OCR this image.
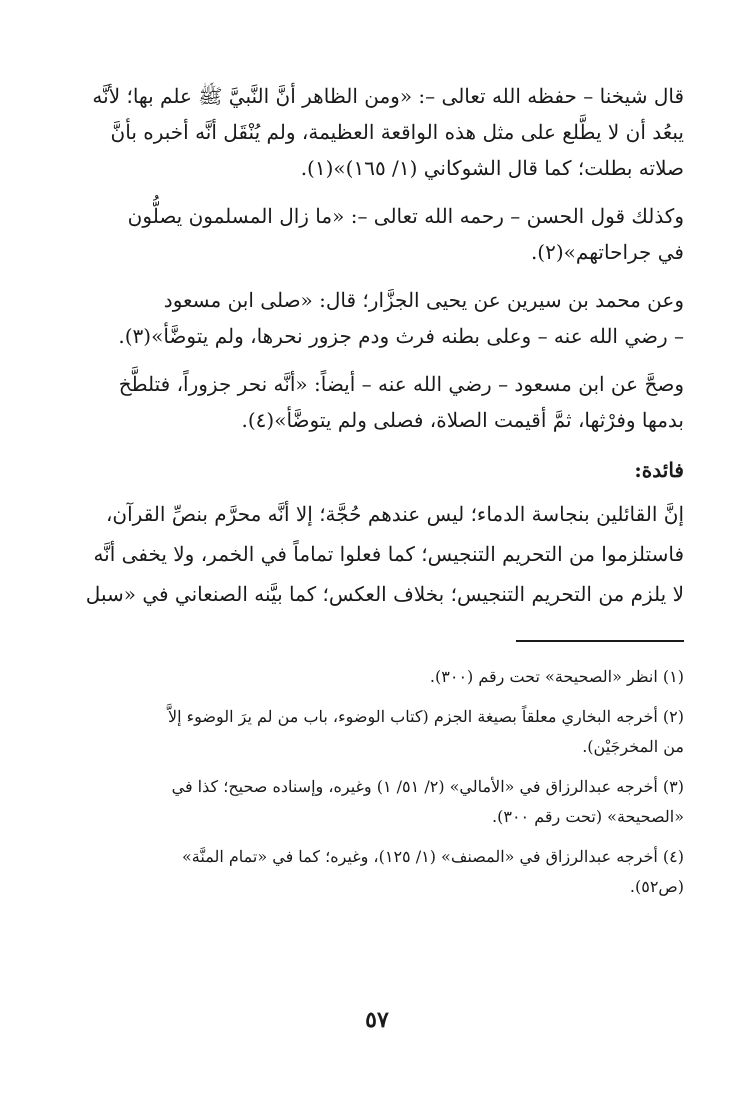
قال شيخنا – حفظه الله تعالى –: «ومن الظاهر أنَّ النَّبيَّ ﷺ علم بها؛ لأنَّه

يبعُد أن لا يطَّلع على مثل هذه الواقعة العظيمة، ولم يُنْقَل أنَّه أخبره بأنَّ

صلاته بطلت؛ كما قال الشوكاني (١/ ١٦٥)»(١).

وكذلك قول الحسن – رحمه الله تعالى –: «ما زال المسلمون يصلُّون

في جراحاتهم»(٢).

وعن محمد بن سيرين عن يحيى الجزَّار؛ قال: «صلى ابن مسعود

– رضي الله عنه – وعلى بطنه فرث ودم جزور نحرها، ولم يتوضَّأ»(٣).

وصحَّ عن ابن مسعود – رضي الله عنه – أيضاً: «أنَّه نحر جزوراً، فتلطَّخ

بدمها وفرْثها، ثمَّ أقيمت الصلاة، فصلى ولم يتوضَّأ»(٤).

فائدة:

إنَّ القائلين بنجاسة الدماء؛ ليس عندهم حُجَّة؛ إلا أنَّه محرَّم بنصِّ القرآن،

فاستلزموا من التحريم التنجيس؛ كما فعلوا تماماً في الخمر، ولا يخفى أنَّه

لا يلزم من التحريم التنجيس؛ بخلاف العكس؛ كما بيَّنه الصنعاني في «سبل

(١) انظر «الصحيحة» تحت رقم (٣٠٠).

(٢) أخرجه البخاري معلقاً بصيغة الجزم (كتاب الوضوء، باب من لم يرَ الوضوء إلاَّ

من المخرجَيْن).

(٣) أخرجه عبدالرزاق في «الأمالي» (٢/ ٥١/ ١) وغيره، وإسناده صحيح؛ كذا في

«الصحيحة» (تحت رقم ٣٠٠).

(٤) أخرجه عبدالرزاق في «المصنف» (١/ ١٢٥)، وغيره؛ كما في «تمام المنَّة»

(ص٥٢).

٥٧
